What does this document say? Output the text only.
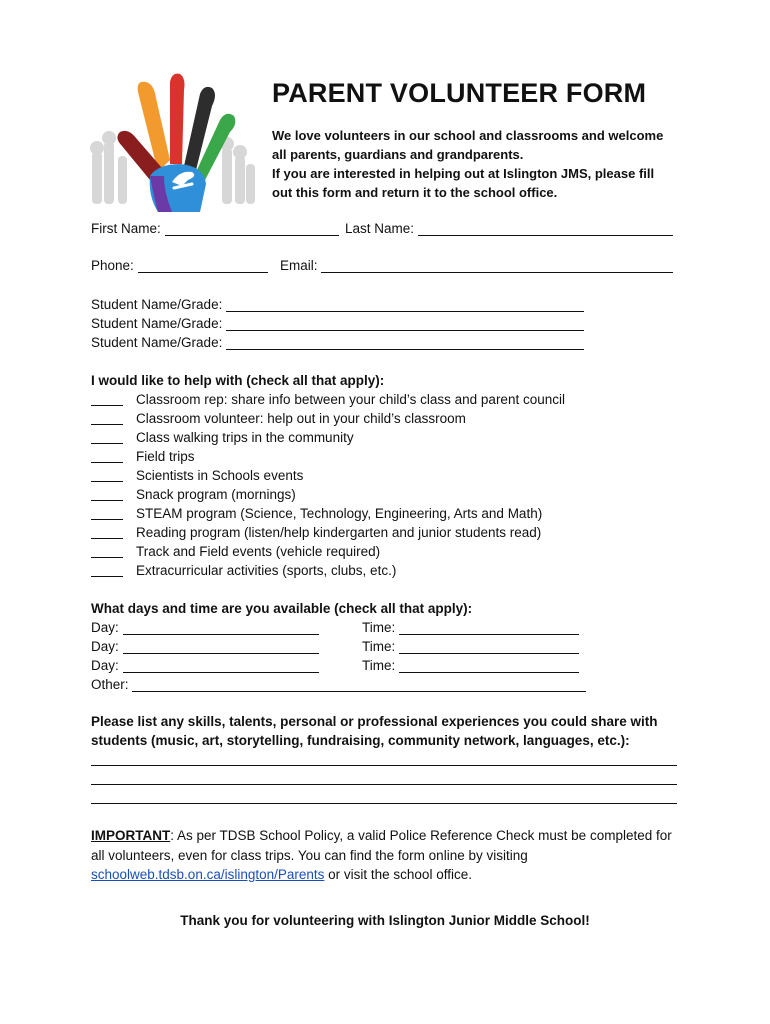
PARENT VOLUNTEER FORM
We love volunteers in our school and classrooms and welcome
all parents, guardians and grandparents.
If you are interested in helping out at Islington JMS, please fill
out this form and return it to the school office.
First Name:	Last Name:
Phone:	Email:
Student Name/Grade:
Student Name/Grade:
Student Name/Grade:
I would like to help with (check all that apply):
Classroom rep: share info between your child’s class and parent council
Classroom volunteer: help out in your child’s classroom
Class walking trips in the community
Field trips
Scientists in Schools events
Snack program (mornings)
STEAM program (Science, Technology, Engineering, Arts and Math)
Reading program (listen/help kindergarten and junior students read)
Track and Field events (vehicle required)
Extracurricular activities (sports, clubs, etc.)
What days and time are you available (check all that apply):
Day:	Time:
Day:	Time:
Day:	Time:
Other:
Please list any skills, talents, personal or professional experiences you could share with
students (music, art, storytelling, fundraising, community network, languages, etc.):
IMPORTANT: As per TDSB School Policy, a valid Police Reference Check must be completed for
all volunteers, even for class trips. You can find the form online by visiting
schoolweb.tdsb.on.ca/islington/Parents or visit the school office.
Thank you for volunteering with Islington Junior Middle School!
